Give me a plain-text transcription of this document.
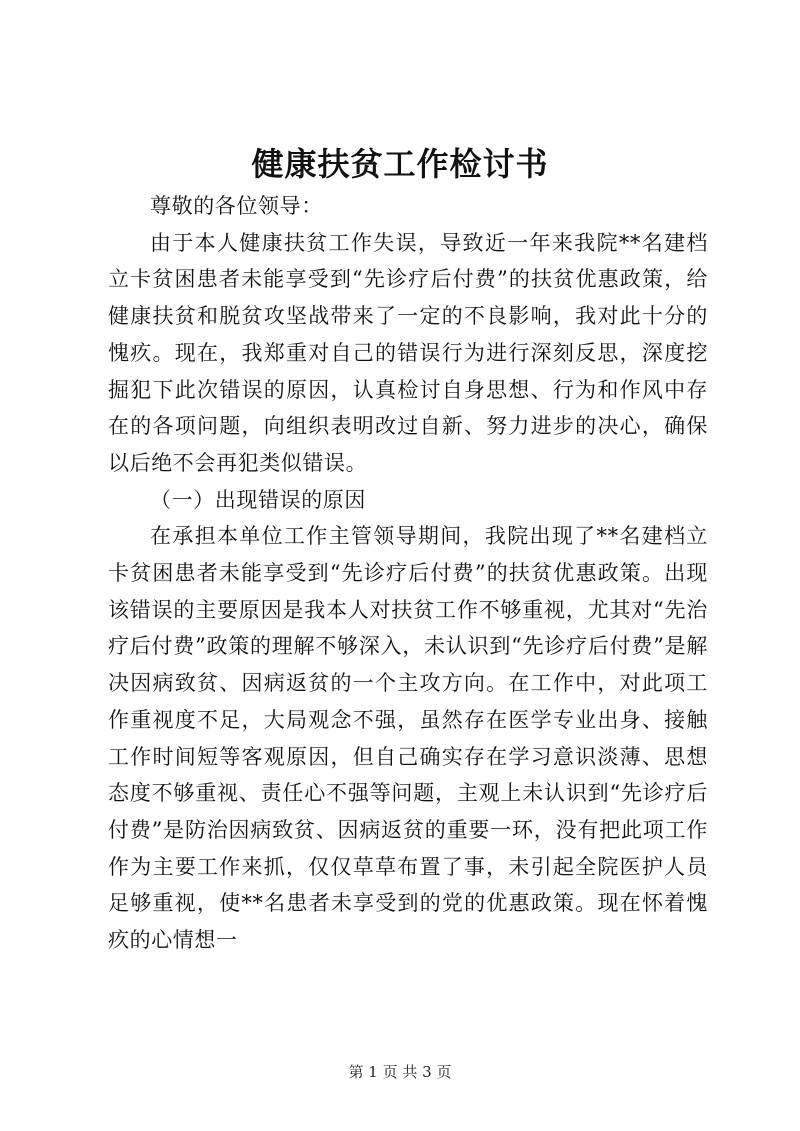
健康扶贫工作检讨书

尊敬的各位领导：

由于本人健康扶贫工作失误，导致近一年来我院**名建档立卡贫困患者未能享受到“先诊疗后付费”的扶贫优惠政策，给健康扶贫和脱贫攻坚战带来了一定的不良影响，我对此十分的愧疚。现在，我郑重对自己的错误行为进行深刻反思，深度挖掘犯下此次错误的原因，认真检讨自身思想、行为和作风中存在的各项问题，向组织表明改过自新、努力进步的决心，确保以后绝不会再犯类似错误。

（一）出现错误的原因

在承担本单位工作主管领导期间，我院出现了**名建档立卡贫困患者未能享受到“先诊疗后付费”的扶贫优惠政策。出现该错误的主要原因是我本人对扶贫工作不够重视，尤其对“先治疗后付费”政策的理解不够深入，未认识到“先诊疗后付费”是解决因病致贫、因病返贫的一个主攻方向。在工作中，对此项工作重视度不足，大局观念不强，虽然存在医学专业出身、接触工作时间短等客观原因，但自己确实存在学习意识淡薄、思想态度不够重视、责任心不强等问题，主观上未认识到“先诊疗后付费”是防治因病致贫、因病返贫的重要一环，没有把此项工作作为主要工作来抓，仅仅草草布置了事，未引起全院医护人员足够重视，使**名患者未享受到的党的优惠政策。现在怀着愧疚的心情想一

第 1 页 共 3 页
